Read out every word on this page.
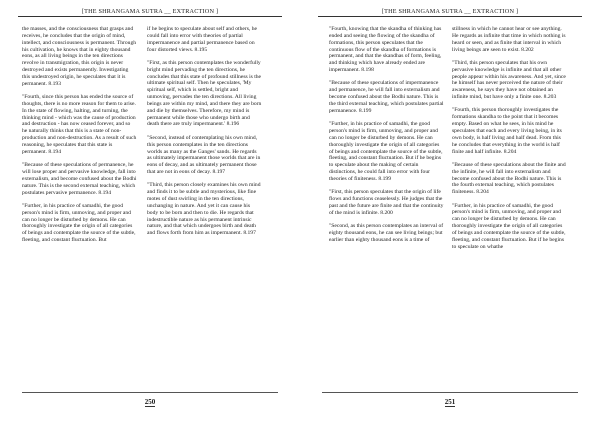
[THE SHRANGAMA SUTRA __ EXTRACTION ]

the masses, and the consciousness that grasps and receives, he concludes that the origin of mind, intellect, and consciousness is permanent. Through his cultivation, he knows that in eighty thousand eons, as all living beings in the ten directions revolve in transmigration, this origin is never destroyed and exists permanently. Investigating this undestroyed origin, he speculates that it is permanent. 8.193

"Fourth, since this person has ended the source of thoughts, there is no more reason for them to arise. In the state of flowing, halting, and turning, the thinking mind - which was the cause of production and destruction - has now ceased forever, and so he naturally thinks that this is a state of non-production and non-destruction. As a result of such reasoning, he speculates that this state is permanent. 8.194

"Because of these speculations of permanence, he will lose proper and pervasive knowledge, fall into externalism, and become confused about the Bodhi nature. This is the second external teaching, which postulates pervasive permanence. 8.194

"Further, in his practice of samadhi, the good person's mind is firm, unmoving, and proper and can no longer be disturbed by demons. He can thoroughly investigate the origin of all categories of beings and contemplate the source of the subtle, fleeting, and constant fluctuation. But

if he begins to speculate about self and others, he could fall into error with theories of partial impermanence and partial permanence based on four distorted views. 8.195

"First, as this person contemplates the wonderfully bright mind pervading the ten directions, he concludes that this state of profound stillness is the ultimate spiritual self. Then he speculates, 'My spiritual self, which is settled, bright and unmoving, pervades the ten directions. All living beings are within my mind, and there they are born and die by themselves. Therefore, my mind is permanent while those who undergo birth and death there are truly impermanent.' 8.196

"Second, instead of contemplating his own mind, this person contemplates in the ten directions worlds as many as the Ganges' sands. He regards as ultimately impermanent those worlds that are in eons of decay, and as ultimately permanent those that are not in eons of decay. 8.197

"Third, this person closely examines his own mind and finds it to be subtle and mysterious, like fine motes of dust swirling in the ten directions, unchanging in nature. And yet it can cause his body to be born and then to die. He regards that indestructible nature as his permanent intrinsic nature, and that which undergoes birth and death and flows forth from him as impermanent. 8.197

250
[THE SHRANGAMA SUTRA __ EXTRACTION ]

"Fourth, knowing that the skandha of thinking has ended and seeing the flowing of the skandha of formations, this person speculates that the continuous flow of the skandha of formations is permanent, and that the skandhas of form, feeling, and thinking which have already ended are impermanent. 8.198

"Because of these speculations of impermanence and permanence, he will fall into externalism and become confused about the Bodhi nature. This is the third external teaching, which postulates partial permanence. 8.199

"Further, in his practice of samadhi, the good person's mind is firm, unmoving, and proper and can no longer be disturbed by demons. He can thoroughly investigate the origin of all categories of beings and contemplate the source of the subtle, fleeting, and constant fluctuation. But if he begins to speculate about the making of certain distinctions, he could fall into error with four theories of finiteness. 8.199

"First, this person speculates that the origin of life flows and functions ceaselessly. He judges that the past and the future are finite and that the continuity of the mind is infinite. 8.200

"Second, as this person contemplates an interval of eighty thousand eons, he can see living beings; but earlier than eighty thousand eons is a time of

stillness in which he cannot hear or see anything. He regards as infinite that time in which nothing is heard or seen, and as finite that interval in which living beings are seen to exist. 8.202

"Third, this person speculates that his own pervasive knowledge is infinite and that all other people appear within his awareness. And yet, since he himself has never perceived the nature of their awareness, he says they have not obtained an infinite mind, but have only a finite one. 8.203

"Fourth, this person thoroughly investigates the formations skandha to the point that it becomes empty. Based on what he sees, in his mind he speculates that each and every living being, in its own body, is half living and half dead. From this he concludes that everything in the world is half finite and half infinite. 8.204

"Because of these speculations about the finite and the infinite, he will fall into externalism and become confused about the Bodhi nature. This is the fourth external teaching, which postulates finiteness. 8.204

"Further, in his practice of samadhi, the good person's mind is firm, unmoving, and proper and can no longer be disturbed by demons. He can thoroughly investigate the origin of all categories of beings and contemplate the source of the subtle, fleeting, and constant fluctuation. But if he begins to speculate on whathe

251
